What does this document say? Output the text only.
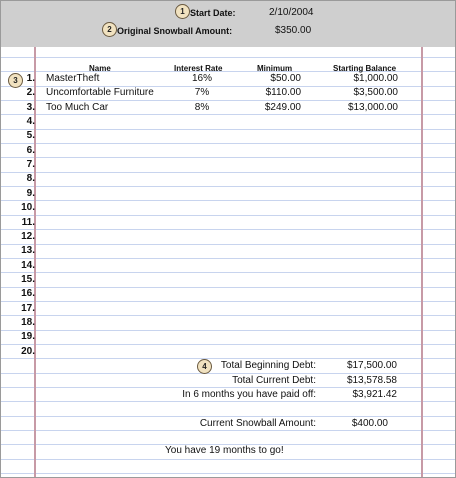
1 Start Date:	2/10/2004
2 Original Snowball Amount:	$350.00
Name	Interest Rate	Minimum	Starting Balance
3 1. MasterTheft	16%	$50.00	$1,000.00
2. Uncomfortable Furniture	7%	$110.00	$3,500.00
3. Too Much Car	8%	$249.00	$13,000.00
4.
5.
6.
7.
8.
9.
10.
11.
12.
13.
14.
15.
16.
17.
18.
19.
20.
4	Total Beginning Debt:	$17,500.00
Total Current Debt:	$13,578.58
In 6 months you have paid off:	$3,921.42
Current Snowball Amount:	$400.00
You have 19 months to go!
